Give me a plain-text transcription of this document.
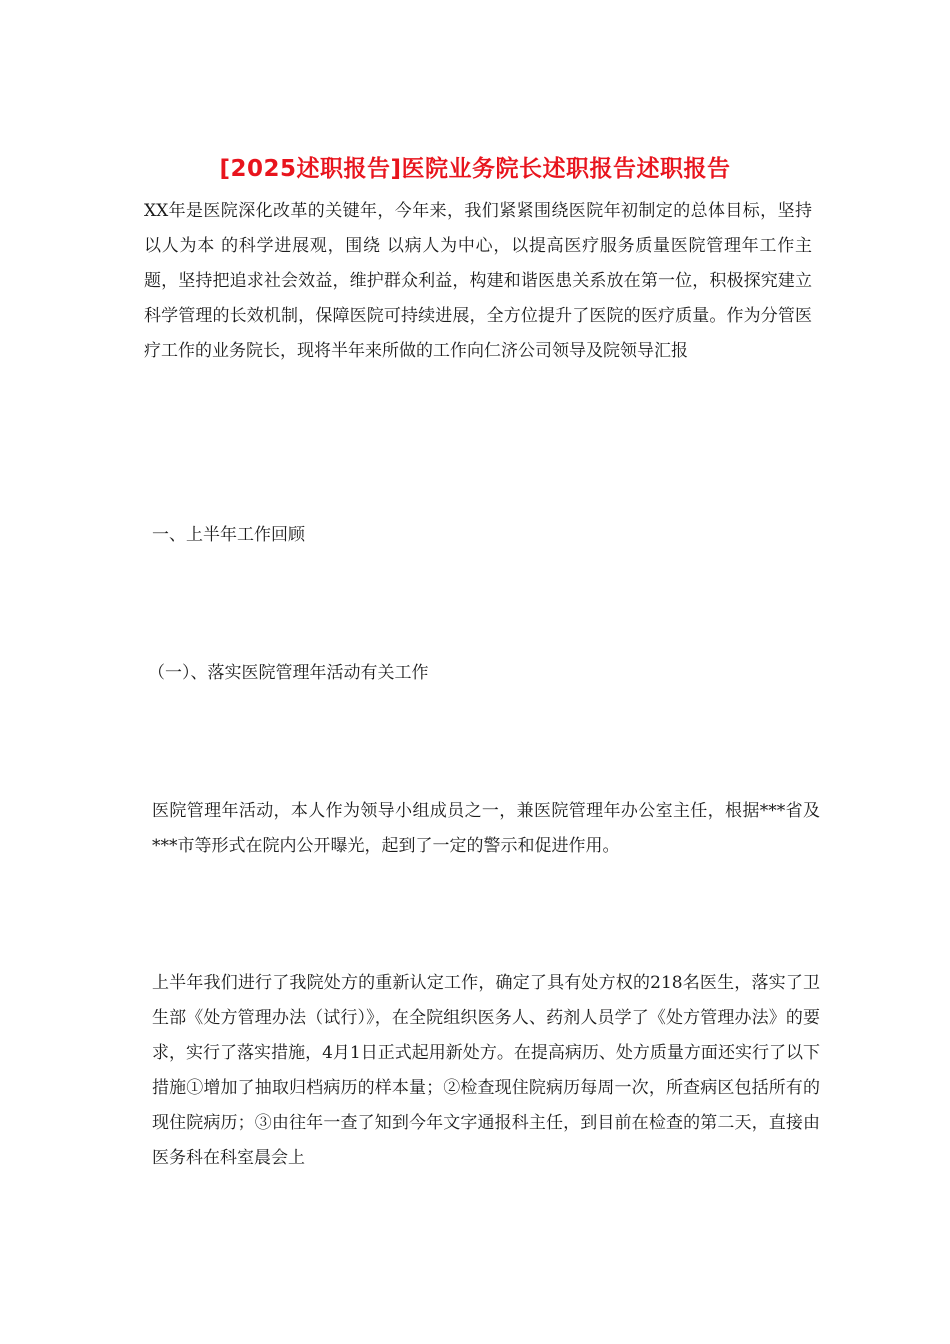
[2025述职报告]医院业务院长述职报告述职报告
XX年是医院深化改革的关键年，今年来，我们紧紧围绕医院年初制定的总体目标，坚持 以人为本 的科学进展观，围绕 以病人为中心，以提高医疗服务质量医院管理年工作主题，坚持把追求社会效益，维护群众利益，构建和谐医患关系放在第一位，积极探究建立科学管理的长效机制，保障医院可持续进展，全方位提升了医院的医疗质量。作为分管医疗工作的业务院长，现将半年来所做的工作向仁济公司领导及院领导汇报
一、上半年工作回顾
（一）、落实医院管理年活动有关工作
医院管理年活动，本人作为领导小组成员之一，兼医院管理年办公室主任，根据***省及***市等形式在院内公开曝光，起到了一定的警示和促进作用。
上半年我们进行了我院处方的重新认定工作，确定了具有处方权的218名医生，落实了卫生部《处方管理办法（试行）》，在全院组织医务人、药剂人员学了《处方管理办法》的要求，实行了落实措施，4月1日正式起用新处方。在提高病历、处方质量方面还实行了以下措施①增加了抽取归档病历的样本量；②检查现住院病历每周一次，所查病区包括所有的现住院病历；③由往年一查了知到今年文字通报科主任，到目前在检查的第二天，直接由医务科在科室晨会上
